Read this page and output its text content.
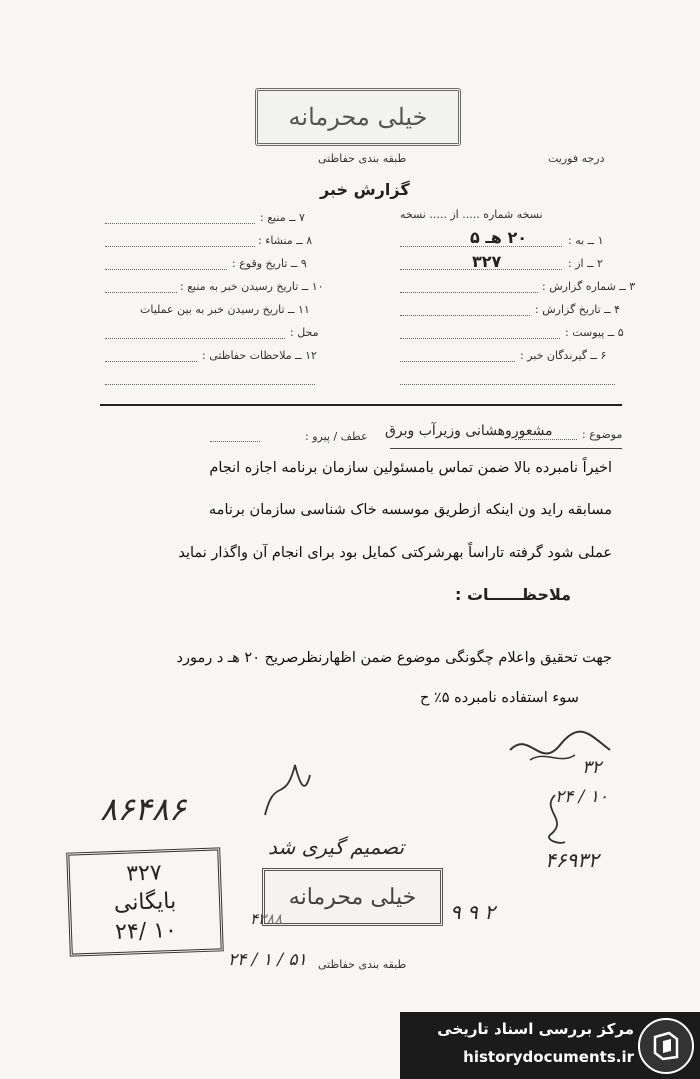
خیلی محرمانه
طبقه بندی حفاظتی	درجه فوریت
گزارش خبر
نسخه شماره ..... از ..... نسخه
۱ ــ به :
۲ ــ از :
۳ ــ شماره گزارش :
۴ ــ تاریخ گزارش :
۵ ــ پیوست :
۶ ــ گیرندگان خبر :
۲۰ هـ ۵
۳۲۷
۷ ــ منبع :
۸ ــ منشاء :
۹ ــ تاریخ وقوع :
۱۰ ــ تاریخ رسیدن خبر به منبع :
۱۱ ــ تاریخ رسیدن خبر به بین عملیات
محل :
۱۲ ــ ملاحظات حفاظتی :
موضوع :
مشعوروهشانی وزیرآب وبرق
عطف / پیرو :
اخیراً نامبرده بالا ضمن تماس بامسئولین سازمان برنامه اجازه انجام
مسابقه راید ون اینکه ازطریق موسسه خاک شناسی سازمان برنامه
عملی شود گرفته تاراساً بهرشرکتی کمایل بود برای انجام آن واگذار نماید
ملاحظــــــات :
جهت تحقیق واعلام چگونگی موضوع ضمن اظهارنظرصریح ۲۰ هـ د رمورد
سوء استفاده نامبرده ۵٪ ح
۸۶۴۸۶
۳۲
۲۴ / ۱۰
۴۶۹۳۲
تصمیم گیری شد
۴۳۸۸
۲۴ / ۱ / ۵۱
۹ ۹ ۲
۳۲۷
بایگانی
۲۴/ ۱۰
خیلی محرمانه
طبقه بندی حفاظتی
مرکز بررسی اسناد تاریخی
historydocuments.ir
